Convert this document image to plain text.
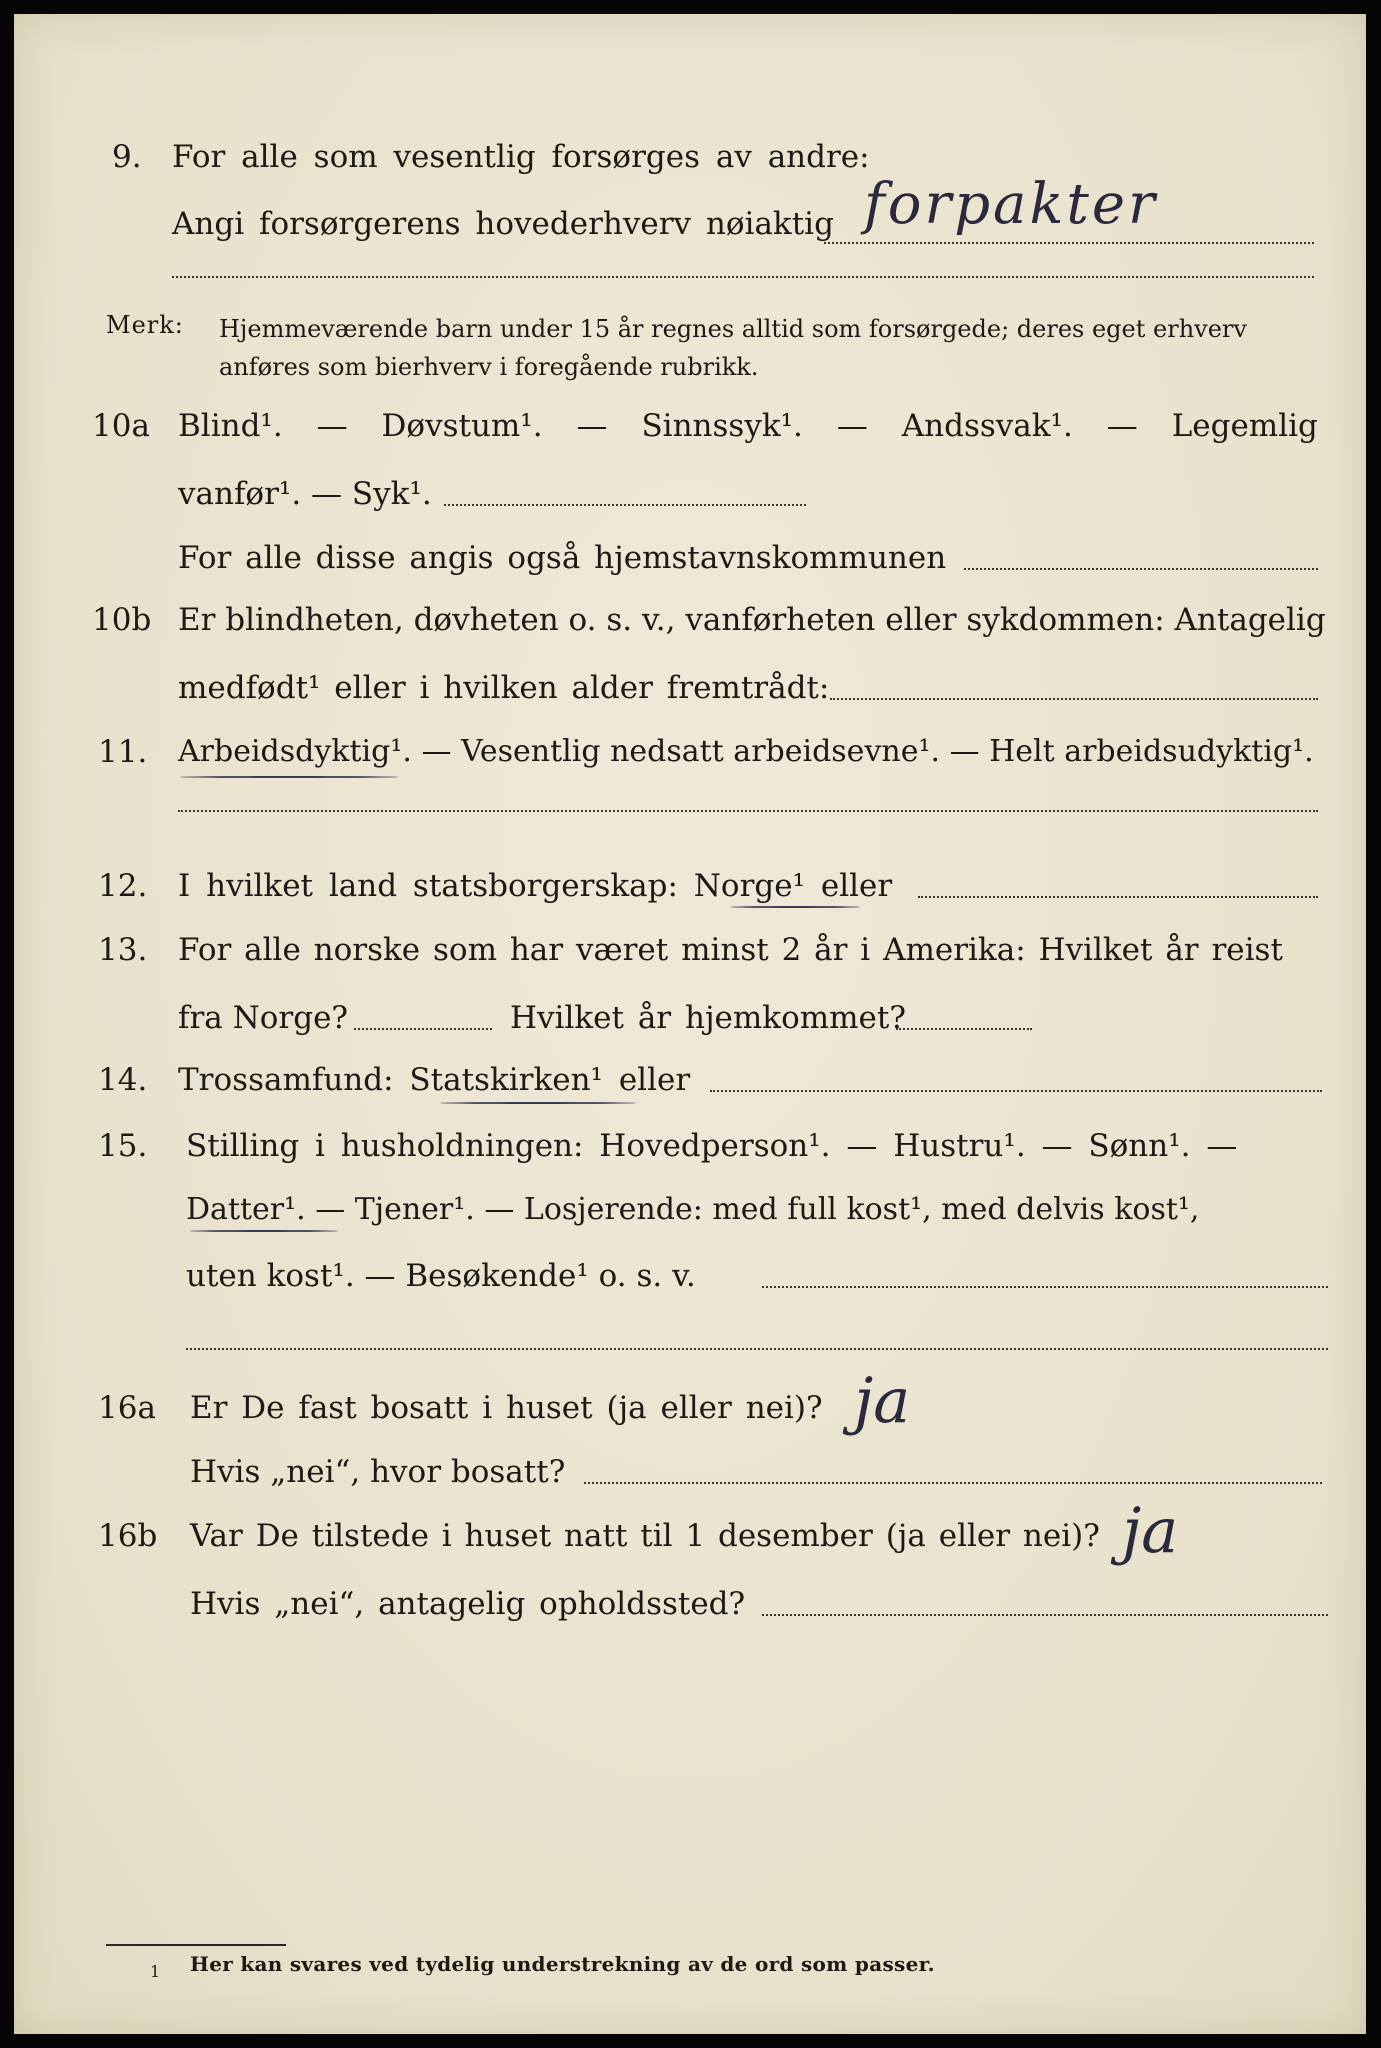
9. For alle som vesentlig forsørges av andre:
Angi forsørgerens hovederhverv nøiaktig forpakter
Merk: Hjemmeværende barn under 15 år regnes alltid som forsørgede; deres eget erhverv
anføres som bierhverv i foregående rubrikk.
10a Blind¹. — Døvstum¹. — Sinnssyk¹. — Andssvak¹. — Legemlig
vanfør¹. — Syk¹.
For alle disse angis også hjemstavnskommunen
10b Er blindheten, døvheten o. s. v., vanførheten eller sykdommen: Antagelig
medfødt¹ eller i hvilken alder fremtrådt:
11. Arbeidsdyktig¹. — Vesentlig nedsatt arbeidsevne¹. — Helt arbeidsudyktig¹.
12. I hvilket land statsborgerskap: Norge¹ eller
13. For alle norske som har været minst 2 år i Amerika: Hvilket år reist
fra Norge?	Hvilket år hjemkommet?
14. Trossamfund: Statskirken¹ eller
15. Stilling i husholdningen: Hovedperson¹. — Hustru¹. — Sønn¹. —
Datter¹. — Tjener¹. — Losjerende: med full kost¹, med delvis kost¹,
uten kost¹. — Besøkende¹ o. s. v.
16a Er De fast bosatt i huset (ja eller nei)? ja
Hvis „nei“, hvor bosatt?
16b Var De tilstede i huset natt til 1 desember (ja eller nei)? ja
Hvis „nei“, antagelig opholdssted?
1 Her kan svares ved tydelig understrekning av de ord som passer.
